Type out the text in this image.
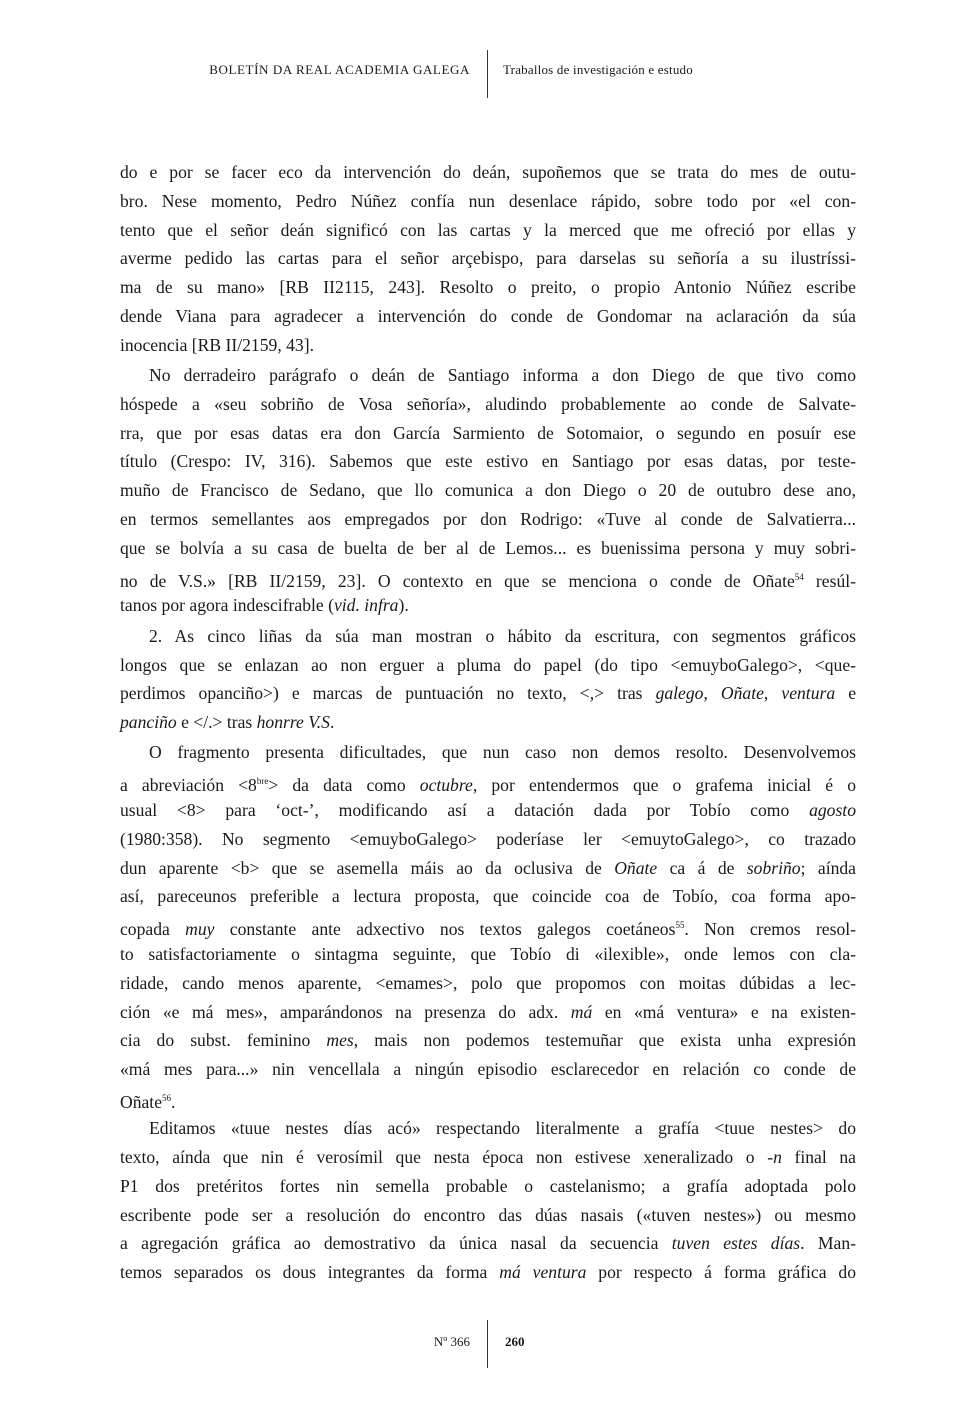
BOLETÍN DA REAL ACADEMIA GALEGA	Traballos de investigación e estudo
do e por se facer eco da intervención do deán, supoñemos que se trata do mes de outu-
bro. Nese momento, Pedro Núñez confía nun desenlace rápido, sobre todo por «el con-
tento que el señor deán significó con las cartas y la merced que me ofreció por ellas y
averme pedido las cartas para el señor arçebispo, para darselas su señoría a su ilustríssi-
ma de su mano» [RB II2115, 243]. Resolto o preito, o propio Antonio Núñez escribe
dende Viana para agradecer a intervención do conde de Gondomar na aclaración da súa
inocencia [RB II/2159, 43].
No derradeiro parágrafo o deán de Santiago informa a don Diego de que tivo como
hóspede a «seu sobriño de Vosa señoría», aludindo probablemente ao conde de Salvate-
rra, que por esas datas era don García Sarmiento de Sotomaior, o segundo en posuír ese
título (Crespo: IV, 316). Sabemos que este estivo en Santiago por esas datas, por teste-
muño de Francisco de Sedano, que llo comunica a don Diego o 20 de outubro dese ano,
en termos semellantes aos empregados por don Rodrigo: «Tuve al conde de Salvatierra...
que se bolvía a su casa de buelta de ber al de Lemos... es buenissima persona y muy sobri-
no de V.S.» [RB II/2159, 23]. O contexto en que se menciona o conde de Oñate$^{54}$ resúl-
tanos por agora indescifrable (vid. infra).
2. As cinco liñas da súa man mostran o hábito da escritura, con segmentos gráficos
longos que se enlazan ao non erguer a pluma do papel (do tipo <emuyboGalego>, <que-
perdimos opanciño>) e marcas de puntuación no texto, <,> tras galego, Oñate, ventura e
panciño e </.> tras honrre V.S.
O fragmento presenta dificultades, que nun caso non demos resolto. Desenvolvemos
a abreviación $<8^{bre}>$ da data como octubre, por entendermos que o grafema inicial é o
usual <8> para ‘oct-’, modificando así a datación dada por Tobío como agosto
(1980:358). No segmento <emuyboGalego> poderíase ler <emuytoGalego>, co trazado
dun aparente <b> que se asemella máis ao da oclusiva de Oñate ca á de sobriño; aínda
así, pareceunos preferible a lectura proposta, que coincide coa de Tobío, coa forma apo-
copada muy constante ante adxectivo nos textos galegos coetáneos$^{55}$. Non cremos resol-
to satisfactoriamente o sintagma seguinte, que Tobío di «ilexible», onde lemos con cla-
ridade, cando menos aparente, <emames>, polo que propomos con moitas dúbidas a lec-
ción «e má mes», amparándonos na presenza do adx. má en «má ventura» e na existen-
cia do subst. feminino mes, mais non podemos testemuñar que exista unha expresión
«má mes para...» nin vencellala a ningún episodio esclarecedor en relación co conde de
Oñate$^{56}$.
Editamos «tuue nestes días acó» respectando literalmente a grafía <tuue nestes> do
texto, aínda que nin é verosímil que nesta época non estivese xeneralizado o -n final na
P1 dos pretéritos fortes nin semella probable o castelanismo; a grafía adoptada polo
escribente pode ser a resolución do encontro das dúas nasais («tuven nestes») ou mesmo
a agregación gráfica ao demostrativo da única nasal da secuencia tuven estes días. Man-
temos separados os dous integrantes da forma má ventura por respecto á forma gráfica do
Nº 366	260
